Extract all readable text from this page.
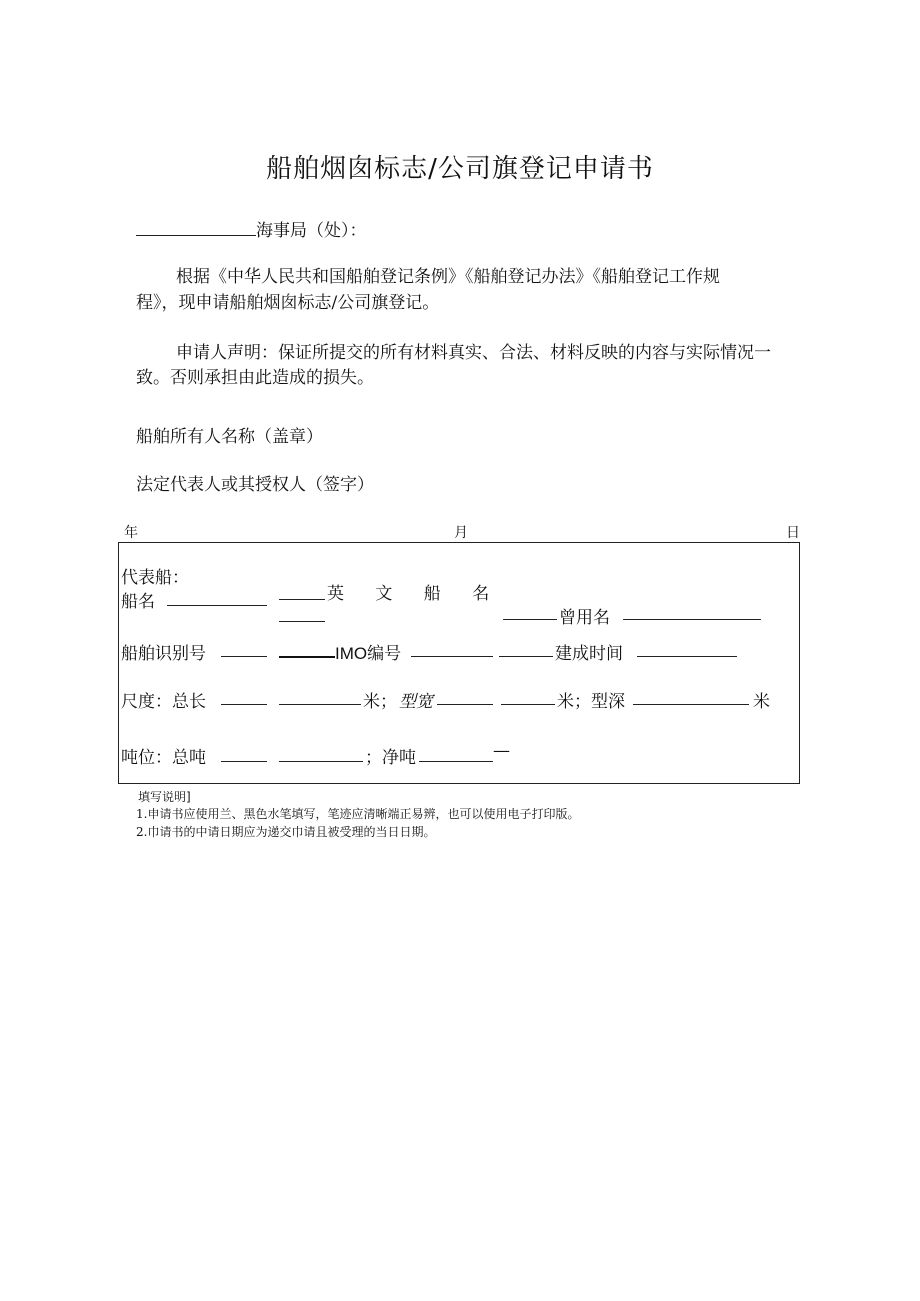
船舶烟囱标志/公司旗登记申请书
海事局（处）：
根据《中华人民共和国船舶登记条例》《船舶登记办法》《船舶登记工作规
程》，现申请船舶烟囱标志/公司旗登记。
申请人声明：保证所提交的所有材料真实、合法、材料反映的内容与实际情况一
致。否则承担由此造成的损失。
船舶所有人名称（盖章）
法定代表人或其授权人（签字）
年	月	日
代表船：
船名	英 文 船 名
曾用名
船舶识别号	IMO编号	建成时间
尺度：总长	米； 型宽	米；型深	米
吨位：总吨	；净吨	—
填写说明]
1.申请书应使用兰、黑色水笔填写，笔迹应清晰端正易辨，也可以使用电子打印版。
2.巾请书的中请日期应为递交巾请且被受理的当日日期。
